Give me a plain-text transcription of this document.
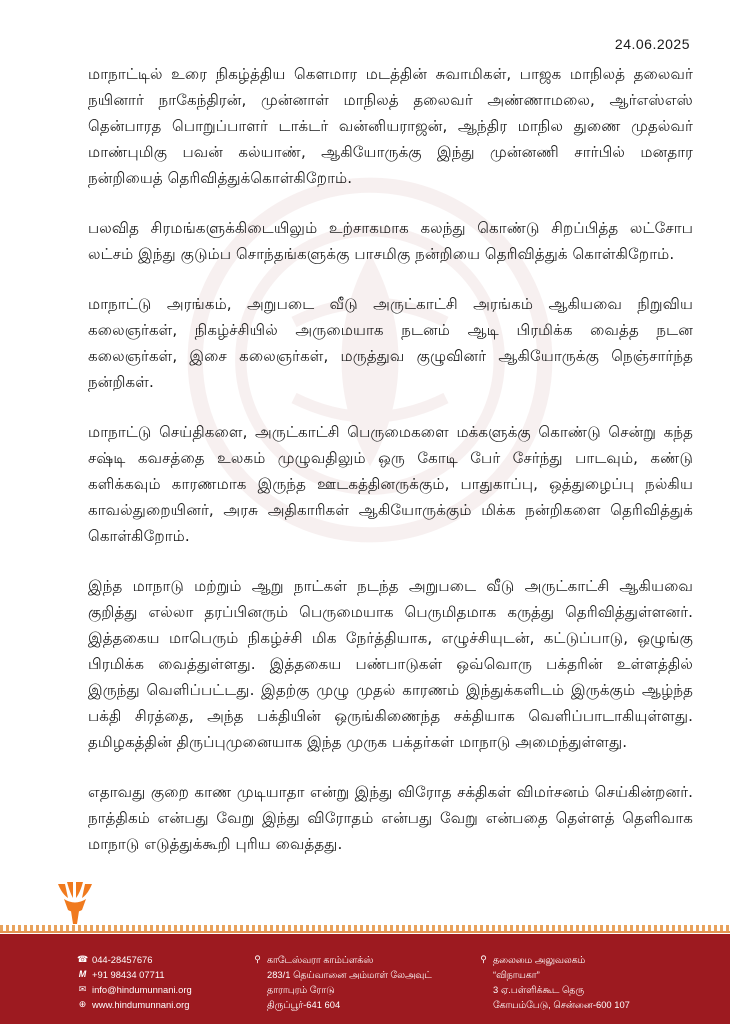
24.06.2025

மாநாட்டில் உரை நிகழ்த்திய கௌமார மடத்தின் சுவாமிகள், பாஜக மாநிலத் தலைவர் நயினார் நாகேந்திரன், முன்னாள் மாநிலத் தலைவர் அண்ணாமலை, ஆர்எஸ்எஸ் தென்பாரத பொறுப்பாளர் டாக்டர் வன்னியராஜன், ஆந்திர மாநில துணை முதல்வர் மாண்புமிகு பவன் கல்யாண், ஆகியோருக்கு இந்து முன்னணி சார்பில் மனதார நன்றியைத் தெரிவித்துக்கொள்கிறோம்.

பலவித சிரமங்களுக்கிடையிலும் உற்சாகமாக கலந்து கொண்டு சிறப்பித்த லட்சோப லட்சம் இந்து குடும்ப சொந்தங்களுக்கு பாசமிகு நன்றியை தெரிவித்துக் கொள்கிறோம்.

மாநாட்டு அரங்கம், அறுபடை வீடு அருட்காட்சி அரங்கம் ஆகியவை நிறுவிய கலைஞர்கள், நிகழ்ச்சியில் அருமையாக நடனம் ஆடி பிரமிக்க வைத்த நடன கலைஞர்கள், இசை கலைஞர்கள், மருத்துவ குழுவினர் ஆகியோருக்கு நெஞ்சார்ந்த நன்றிகள்.

மாநாட்டு செய்திகளை, அருட்காட்சி பெருமைகளை மக்களுக்கு கொண்டு சென்று கந்த சஷ்டி கவசத்தை உலகம் முழுவதிலும் ஒரு கோடி பேர் சேர்ந்து பாடவும், கண்டு களிக்கவும் காரணமாக இருந்த ஊடகத்தினருக்கும், பாதுகாப்பு, ஒத்துழைப்பு நல்கிய காவல்துறையினர், அரசு அதிகாரிகள் ஆகியோருக்கும் மிக்க நன்றிகளை தெரிவித்துக் கொள்கிறோம்.

இந்த மாநாடு மற்றும் ஆறு நாட்கள் நடந்த அறுபடை வீடு அருட்காட்சி ஆகியவை குறித்து எல்லா தரப்பினரும் பெருமையாக பெருமிதமாக கருத்து தெரிவித்துள்ளனர். இத்தகைய மாபெரும் நிகழ்ச்சி மிக நேர்த்தியாக, எழுச்சியுடன், கட்டுப்பாடு, ஒழுங்கு பிரமிக்க வைத்துள்ளது. இத்தகைய பண்பாடுகள் ஒவ்வொரு பக்தரின் உள்ளத்தில் இருந்து வெளிப்பட்டது. இதற்கு முழு முதல் காரணம் இந்துக்களிடம் இருக்கும் ஆழ்ந்த பக்தி சிரத்தை, அந்த பக்தியின் ஒருங்கிணைந்த சக்தியாக வெளிப்பாடாகியுள்ளது. தமிழகத்தின் திருப்புமுனையாக இந்த முருக பக்தர்கள் மாநாடு அமைந்துள்ளது.

எதாவது குறை காண முடியாதா என்று இந்து விரோத சக்திகள் விமர்சனம் செய்கின்றனர். நாத்திகம் என்பது வேறு இந்து விரோதம் என்பது வேறு என்பதை தெள்ளத் தெளிவாக மாநாடு எடுத்துக்கூறி புரிய வைத்தது.

☎ 044-28457676
M +91 98434 07711
✉ info@hindumunnani.org
⊕ www.hindumunnani.org
⚲ காடேஸ்வரா காம்ப்ளக்ஸ்
283/1 தெய்வானை அம்மாள் லேஅவுட்
தாராபுரம் ரோடு
திருப்பூர்-641 604
⚲ தலைமை அலுவலகம்
“விநாயகா”
3 ஏ.பள்ளிக்கூட தெரு
கோயம்பேடு, சென்னை-600 107
